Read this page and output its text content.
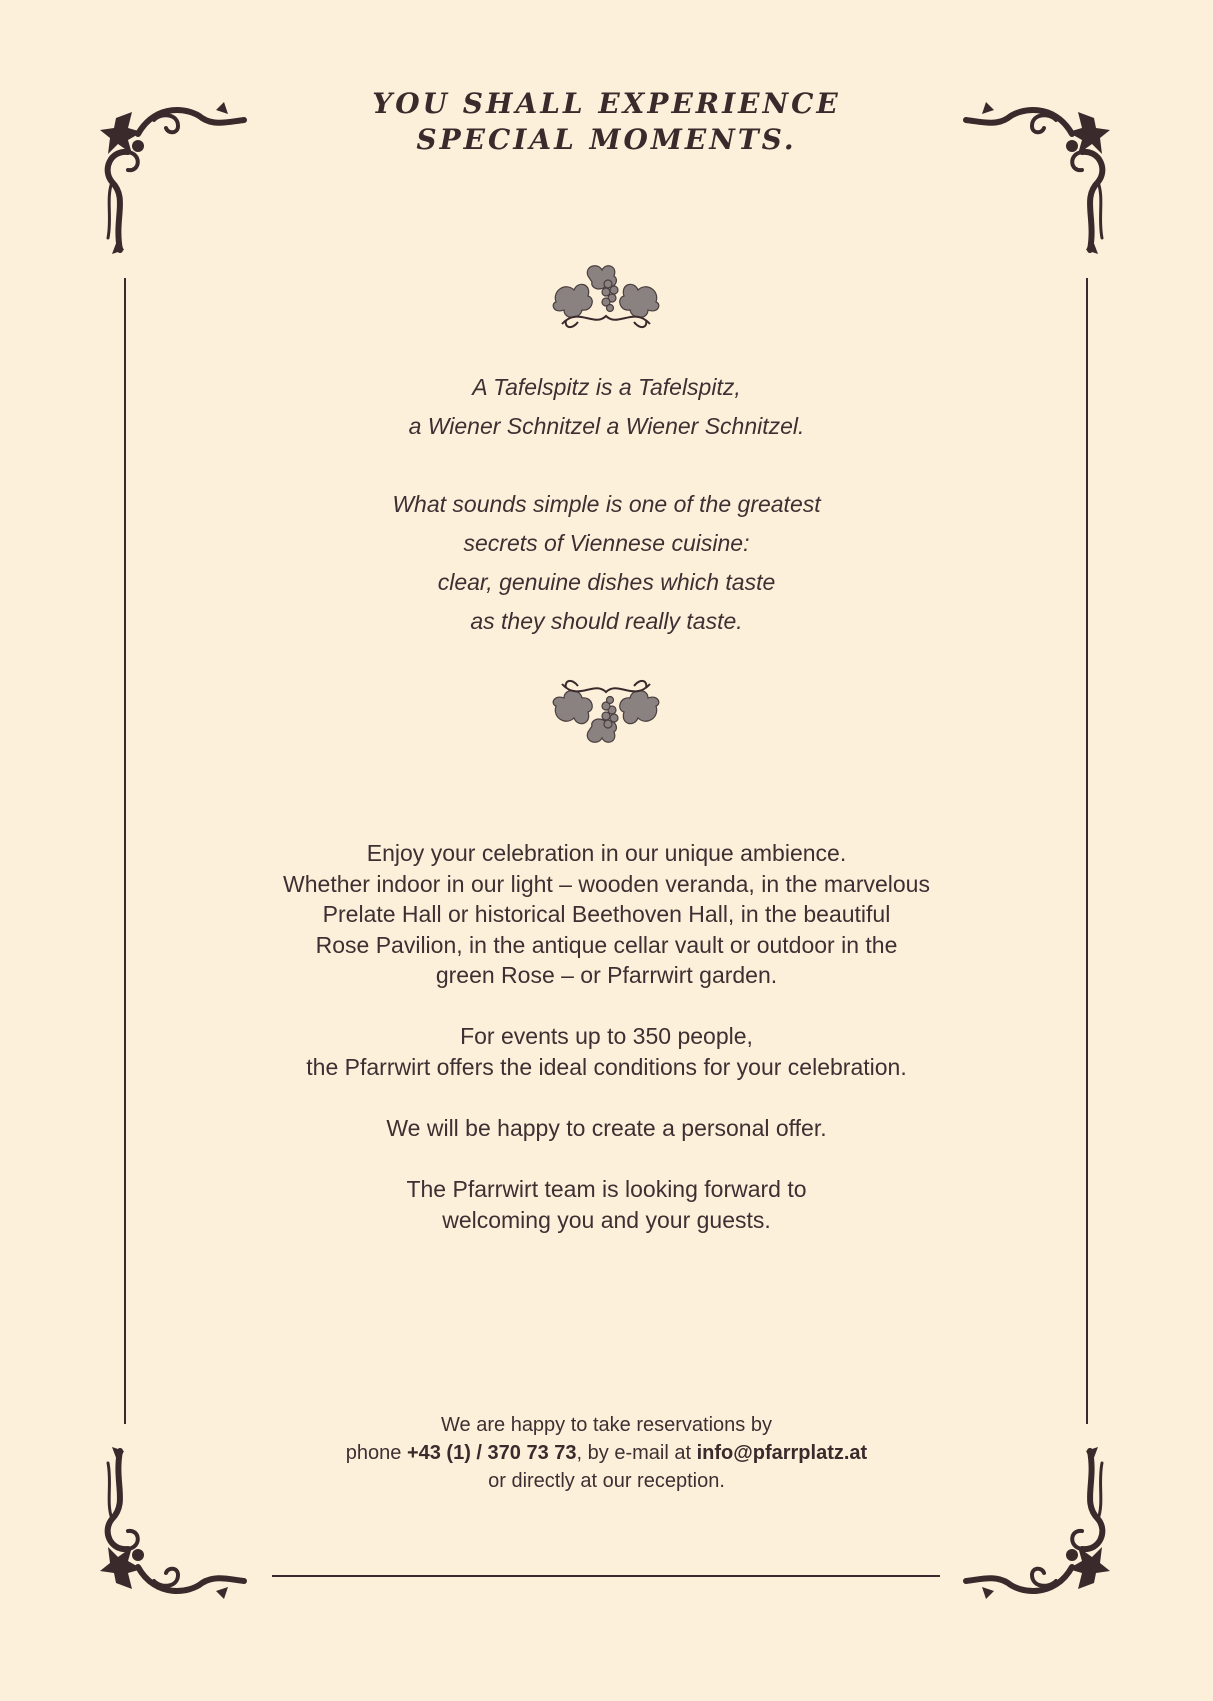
YOU SHALL EXPERIENCE
SPECIAL MOMENTS.
A Tafelspitz is a Tafelspitz,
a Wiener Schnitzel a Wiener Schnitzel.
What sounds simple is one of the greatest
secrets of Viennese cuisine:
clear, genuine dishes which taste
as they should really taste.
Enjoy your celebration in our unique ambience.
Whether indoor in our light – wooden veranda, in the marvelous
Prelate Hall or historical Beethoven Hall, in the beautiful
Rose Pavilion, in the antique cellar vault or outdoor in the
green Rose – or Pfarrwirt garden.
For events up to 350 people,
the Pfarrwirt offers the ideal conditions for your celebration.
We will be happy to create a personal offer.
The Pfarrwirt team is looking forward to
welcoming you and your guests.
We are happy to take reservations by
phone +43 (1) / 370 73 73, by e-mail at info@pfarrplatz.at
or directly at our reception.
